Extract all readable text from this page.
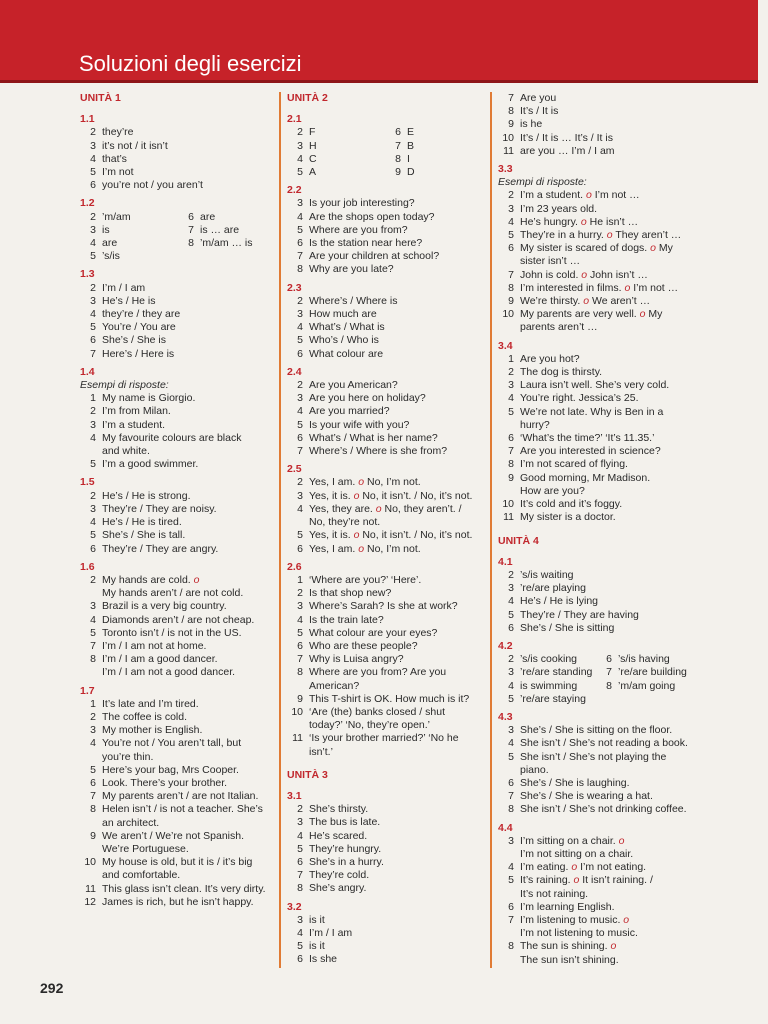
Soluzioni degli esercizi
UNITÀ 1
1.1
2 they’re
3 it’s not / it isn’t
4 that’s
5 I’m not
6 you’re not / you aren’t
1.2
2 ’m/am	6 are
3 is	7 is … are
4 are	8 ’m/am … is
5 ’s/is
1.3
2 I’m / I am
3 He’s / He is
4 they’re / they are
5 You’re / You are
6 She’s / She is
7 Here’s / Here is
1.4
Esempi di risposte:
1 My name is Giorgio.
2 I’m from Milan.
3 I’m a student.
4 My favourite colours are black
and white.
5 I’m a good swimmer.
1.5
2 He’s / He is strong.
3 They’re / They are noisy.
4 He’s / He is tired.
5 She’s / She is tall.
6 They’re / They are angry.
1.6
2 My hands are cold. o
My hands aren’t / are not cold.
3 Brazil is a very big country.
4 Diamonds aren’t / are not cheap.
5 Toronto isn’t / is not in the US.
7 I’m / I am not at home.
8 I’m / I am a good dancer.
I’m / I am not a good dancer.
1.7
1 It’s late and I’m tired.
2 The coffee is cold.
3 My mother is English.
4 You’re not / You aren’t tall, but
you’re thin.
5 Here’s your bag, Mrs Cooper.
6 Look. There’s your brother.
7 My parents aren’t / are not Italian.
8 Helen isn’t / is not a teacher. She’s
an architect.
9 We aren’t / We’re not Spanish.
We’re Portuguese.
10 My house is old, but it is / it’s big
and comfortable.
11 This glass isn’t clean. It’s very dirty.
12 James is rich, but he isn’t happy.
UNITÀ 2
2.1
2 F	6 E
3 H	7 B
4 C	8 I
5 A	9 D
2.2
3 Is your job interesting?
4 Are the shops open today?
5 Where are you from?
6 Is the station near here?
7 Are your children at school?
8 Why are you late?
2.3
2 Where’s / Where is
3 How much are
4 What’s / What is
5 Who’s / Who is
6 What colour are
2.4
2 Are you American?
3 Are you here on holiday?
4 Are you married?
5 Is your wife with you?
6 What’s / What is her name?
7 Where’s / Where is she from?
2.5
2 Yes, I am. o No, I’m not.
3 Yes, it is. o No, it isn’t. / No, it’s not.
4 Yes, they are. o No, they aren’t. /
No, they’re not.
5 Yes, it is. o No, it isn’t. / No, it’s not.
6 Yes, I am. o No, I’m not.
2.6
1 ‘Where are you?’ ‘Here’.
2 Is that shop new?
3 Where’s Sarah? Is she at work?
4 Is the train late?
5 What colour are your eyes?
6 Who are these people?
7 Why is Luisa angry?
8 Where are you from? Are you
American?
9 This T-shirt is OK. How much is it?
10 ‘Are (the) banks closed / shut
today?’ ‘No, they’re open.’
11 ‘Is your brother married?’ ‘No he
isn’t.’
UNITÀ 3
3.1
2 She’s thirsty.
3 The bus is late.
4 He’s scared.
5 They’re hungry.
6 She’s in a hurry.
7 They’re cold.
8 She’s angry.
3.2
3 is it
4 I’m / I am
5 is it
6 Is she
7 Are you
8 It’s / It is
9 is he
10 It’s / It is … It’s / It is
11 are you … I’m / I am
3.3
Esempi di risposte:
2 I’m a student. o I’m not …
3 I’m 23 years old.
4 He’s hungry. o He isn’t …
5 They’re in a hurry. o They aren’t …
6 My sister is scared of dogs. o My
sister isn’t …
7 John is cold. o John isn’t …
8 I’m interested in films. o I’m not …
9 We’re thirsty. o We aren’t …
10 My parents are very well. o My
parents aren’t …
3.4
1 Are you hot?
2 The dog is thirsty.
3 Laura isn’t well. She’s very cold.
4 You’re right. Jessica’s 25.
5 We’re not late. Why is Ben in a
hurry?
6 ‘What’s the time?’ ‘It’s 11.35.’
7 Are you interested in science?
8 I’m not scared of flying.
9 Good morning, Mr Madison.
How are you?
10 It’s cold and it’s foggy.
11 My sister is a doctor.
UNITÀ 4
4.1
2 ’s/is waiting
3 ’re/are playing
4 He’s / He is lying
5 They’re / They are having
6 She’s / She is sitting
4.2
2 ’s/is cooking	6 ’s/is having
3 ’re/are standing	7 ’re/are building
4 is swimming	8 ’m/am going
5 ’re/are staying
4.3
3 She’s / She is sitting on the floor.
4 She isn’t / She’s not reading a book.
5 She isn’t / She’s not playing the
piano.
6 She’s / She is laughing.
7 She’s / She is wearing a hat.
8 She isn’t / She’s not drinking coffee.
4.4
3 I’m sitting on a chair. o
I’m not sitting on a chair.
4 I’m eating. o I’m not eating.
5 It’s raining. o It isn’t raining. /
It’s not raining.
6 I’m learning English.
7 I’m listening to music. o
I’m not listening to music.
8 The sun is shining. o
The sun isn’t shining.
292
